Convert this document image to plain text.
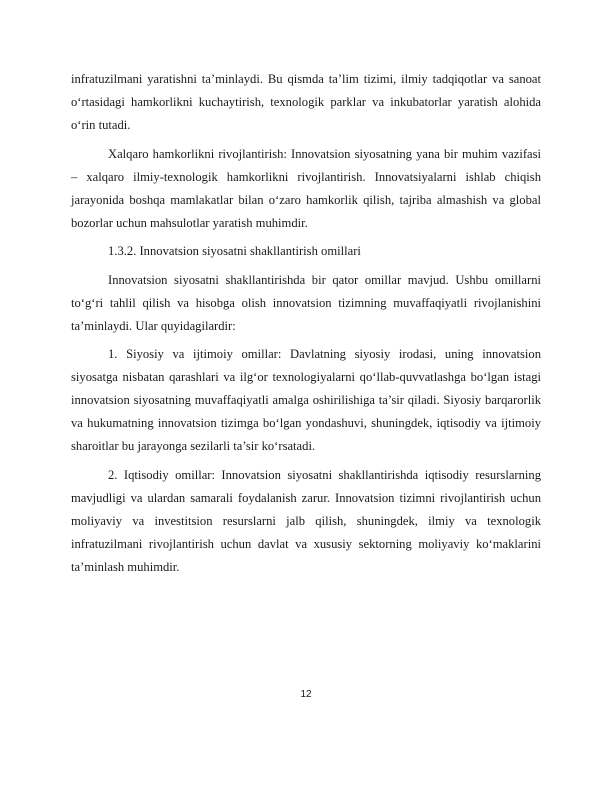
infratuzilmani yaratishni ta’minlaydi. Bu qismda ta’lim tizimi, ilmiy tadqiqotlar va sanoat o‘rtasidagi hamkorlikni kuchaytirish, texnologik parklar va inkubatorlar yaratish alohida o‘rin tutadi.

Xalqaro hamkorlikni rivojlantirish: Innovatsion siyosatning yana bir muhim vazifasi – xalqaro ilmiy-texnologik hamkorlikni rivojlantirish. Innovatsiyalarni ishlab chiqish jarayonida boshqa mamlakatlar bilan o‘zaro hamkorlik qilish, tajriba almashish va global bozorlar uchun mahsulotlar yaratish muhimdir.

1.3.2. Innovatsion siyosatni shakllantirish omillari

Innovatsion siyosatni shakllantirishda bir qator omillar mavjud. Ushbu omillarni to‘g‘ri tahlil qilish va hisobga olish innovatsion tizimning muvaffaqiyatli rivojlanishini ta’minlaydi. Ular quyidagilardir:

1. Siyosiy va ijtimoiy omillar: Davlatning siyosiy irodasi, uning innovatsion siyosatga nisbatan qarashlari va ilg‘or texnologiyalarni qo‘llab-quvvatlashga bo‘lgan istagi innovatsion siyosatning muvaffaqiyatli amalga oshirilishiga ta’sir qiladi. Siyosiy barqarorlik va hukumatning innovatsion tizimga bo‘lgan yondashuvi, shuningdek, iqtisodiy va ijtimoiy sharoitlar bu jarayonga sezilarli ta’sir ko‘rsatadi.

2. Iqtisodiy omillar: Innovatsion siyosatni shakllantirishda iqtisodiy resurslarning mavjudligi va ulardan samarali foydalanish zarur. Innovatsion tizimni rivojlantirish uchun moliyaviy va investitsion resurslarni jalb qilish, shuningdek, ilmiy va texnologik infratuzilmani rivojlantirish uchun davlat va xususiy sektorning moliyaviy ko‘maklarini ta’minlash muhimdir.

12
